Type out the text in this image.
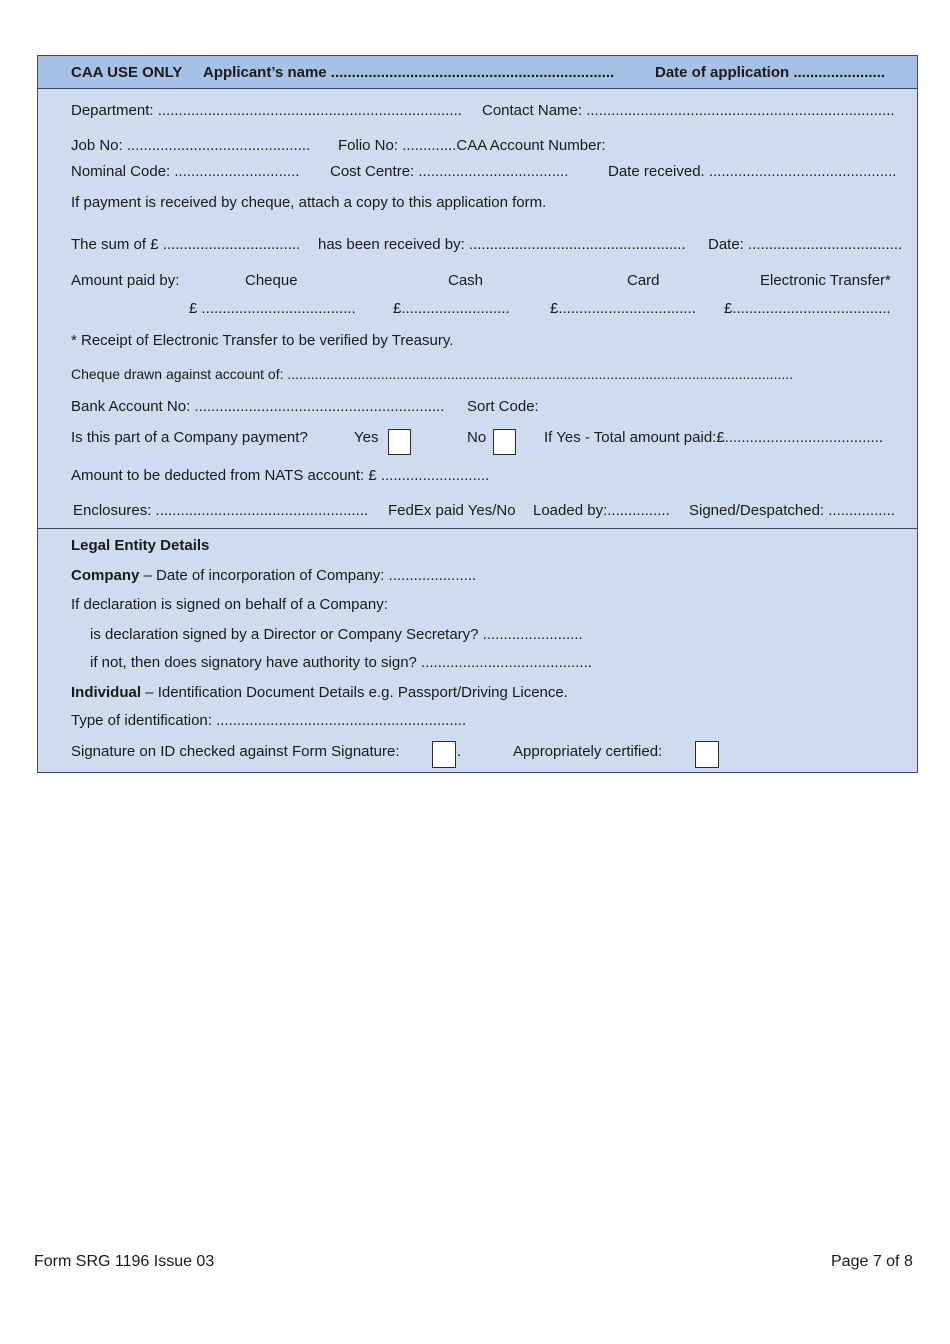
CAA USE ONLY Applicant’s name ....................................................................	Date of application ......................
Department: ......................................................................... Contact Name: ..........................................................................
Job No: ............................................ Folio No: .............CAA Account Number:
Nominal Code: .............................. Cost Centre: ....................................	Date received. .............................................
If payment is received by cheque, attach a copy to this application form.
The sum of £ ................................. has been received by: .................................................... Date: .....................................
Amount paid by:	Cheque	Cash	Card	Electronic Transfer*
£ ..................................... £..........................	£................................. £......................................
* Receipt of Electronic Transfer to be verified by Treasury.
Cheque drawn against account of: ..................................................................................................................................
Bank Account No: ............................................................ Sort Code:
Is this part of a Company payment?	Yes	No	If Yes - Total amount paid:£......................................
Amount to be deducted from NATS account: £ ..........................
Enclosures: ................................................... FedEx paid Yes/No Loaded by:............... Signed/Despatched: ................
Legal Entity Details
Company – Date of incorporation of Company: .....................
If declaration is signed on behalf of a Company:
is declaration signed by a Director or Company Secretary? ........................
if not, then does signatory have authority to sign? .........................................
Individual – Identification Document Details e.g. Passport/Driving Licence.
Type of identification: ............................................................
Signature on ID checked against Form Signature:	.	Appropriately certified:
Form SRG 1196 Issue 03	Page 7 of 8
